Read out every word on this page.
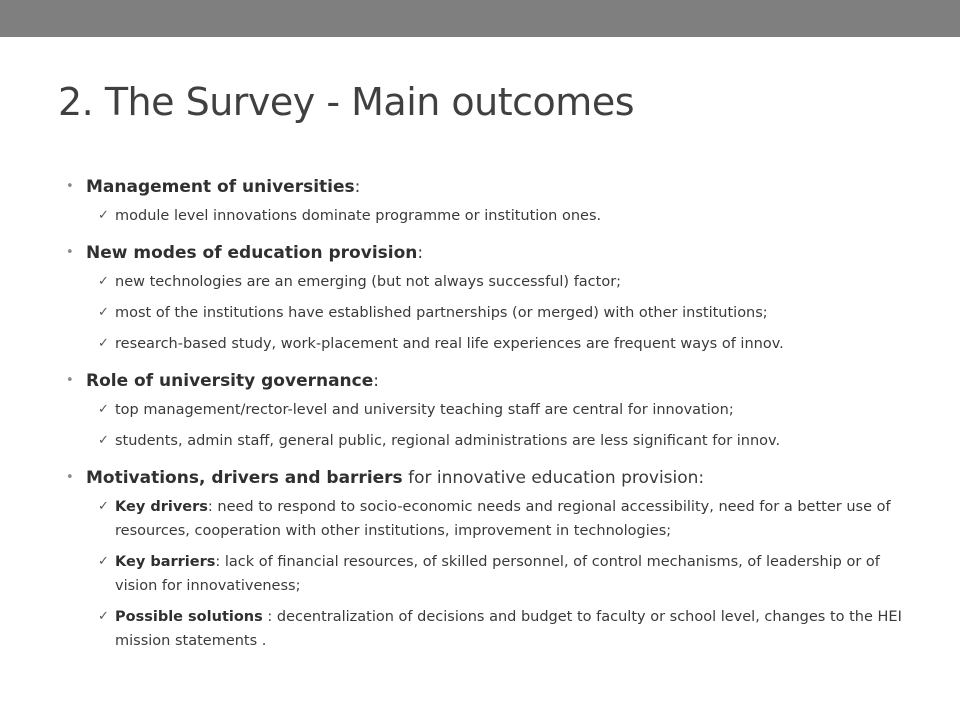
2. The Survey - Main outcomes
• Management of universities:
✓ module level innovations dominate programme or institution ones.
• New modes of education provision:
✓ new technologies are an emerging (but not always successful) factor;
✓ most of the institutions have established partnerships (or merged) with other institutions;
✓ research-based study, work-placement and real life experiences are frequent ways of innov.
• Role of university governance:
✓ top management/rector-level and university teaching staff are central for innovation;
✓ students, admin staff, general public, regional administrations are less significant for innov.
• Motivations, drivers and barriers for innovative education provision:
✓ Key drivers: need to respond to socio-economic needs and regional accessibility, need for a better use of resources, cooperation with other institutions, improvement in technologies;
✓ Key barriers: lack of financial resources, of skilled personnel, of control mechanisms, of leadership or of vision for innovativeness;
✓ Possible solutions : decentralization of decisions and budget to faculty or school level, changes to the HEI mission statements .
